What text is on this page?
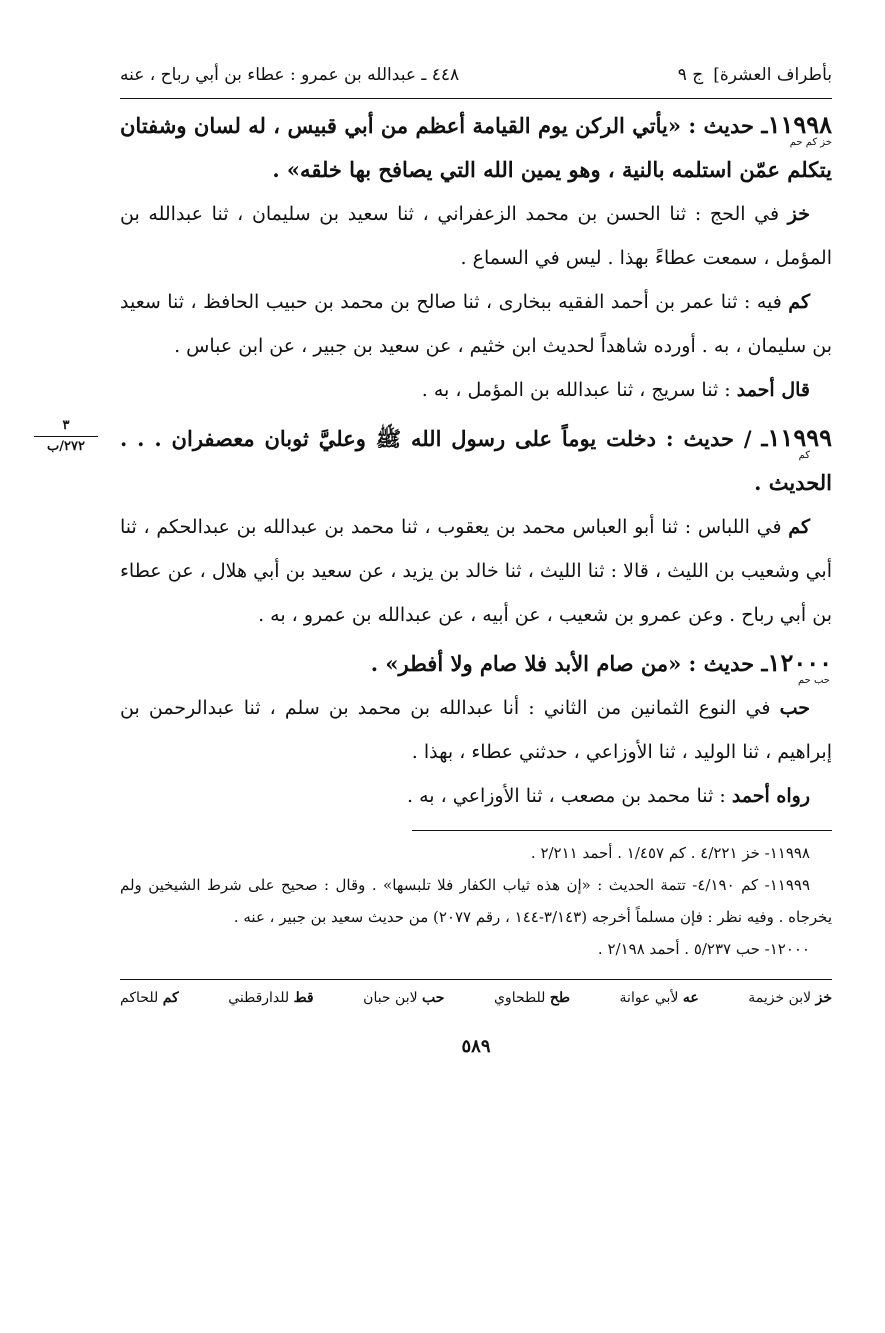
بأطراف العشرة]
ج ٩
٤٤٨ ـ عبدالله بن عمرو : عطاء بن أبي رباح ، عنه
١١٩٩٨ـ حديث : «يأتي الركن يوم القيامة أعظم من أبي قبيس ، له لسان وشفتان يتكلم عمّن استلمه بالنية ، وهو يمين الله التي يصافح بها خلقه» .
خز كم حم

خز في الحج : ثنا الحسن بن محمد الزعفراني ، ثنا سعيد بن سليمان ، ثنا عبدالله بن المؤمل ، سمعت عطاءً بهذا . ليس في السماع .

كم فيه : ثنا عمر بن أحمد الفقيه ببخارى ، ثنا صالح بن محمد بن حبيب الحافظ ، ثنا سعيد بن سليمان ، به . أورده شاهداً لحديث ابن خثيم ، عن سعيد بن جبير ، عن ابن عباس .

قال أحمد : ثنا سريج ، ثنا عبدالله بن المؤمل ، به .

٣
٢٧٢/ب	١١٩٩٩ـ / حديث : دخلت يوماً على رسول الله ﷺ وعليَّ ثوبان معصفران . . . الحديث .
كم

كم في اللباس : ثنا أبو العباس محمد بن يعقوب ، ثنا محمد بن عبدالله بن عبدالحكم ، ثنا أبي وشعيب بن الليث ، قالا : ثنا الليث ، ثنا خالد بن يزيد ، عن سعيد بن أبي هلال ، عن عطاء بن أبي رباح . وعن عمرو بن شعيب ، عن أبيه ، عن عبدالله بن عمرو ، به .

١٢٠٠٠ـ حديث : «من صام الأبد فلا صام ولا أفطر» .
حب حم

حب في النوع الثمانين من الثاني : أنا عبدالله بن محمد بن سلم ، ثنا عبدالرحمن بن إبراهيم ، ثنا الوليد ، ثنا الأوزاعي ، حدثني عطاء ، بهذا .

رواه أحمد : ثنا محمد بن مصعب ، ثنا الأوزاعي ، به .

١١٩٩٨- خز ٤/٢٢١ . كم ١/٤٥٧ . أحمد ٢/٢١١ .

١١٩٩٩- كم ٤/١٩٠- تتمة الحديث : «إن هذه ثياب الكفار فلا تلبسها» . وقال : صحيح على شرط الشيخين ولم يخرجاه . وفيه نظر : فإن مسلماً أخرجه (٣/١٤٣-١٤٤ ، رقم ٢٠٧٧) من حديث سعيد بن جبير ، عنه .

١٢٠٠٠- حب ٥/٢٣٧ . أحمد ٢/١٩٨ .

خز لابن خزيمة
عه لأبي عوانة
طح للطحاوي
حب لابن حبان
قط للدارقطني
كم للحاكم
٥٨٩
